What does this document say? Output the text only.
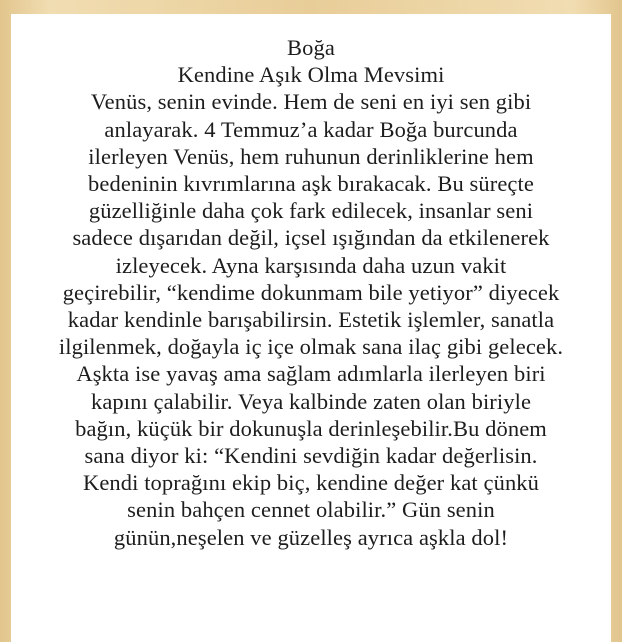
Boğa
Kendine Aşık Olma Mevsimi
Venüs, senin evinde. Hem de seni en iyi sen gibi
anlayarak. 4 Temmuz’a kadar Boğa burcunda
ilerleyen Venüs, hem ruhunun derinliklerine hem
bedeninin kıvrımlarına aşk bırakacak. Bu süreçte
güzelliğinle daha çok fark edilecek, insanlar seni
sadece dışarıdan değil, içsel ışığından da etkilenerek
izleyecek. Ayna karşısında daha uzun vakit
geçirebilir, “kendime dokunmam bile yetiyor” diyecek
kadar kendinle barışabilirsin. Estetik işlemler, sanatla
ilgilenmek, doğayla iç içe olmak sana ilaç gibi gelecek.
Aşkta ise yavaş ama sağlam adımlarla ilerleyen biri
kapını çalabilir. Veya kalbinde zaten olan biriyle
bağın, küçük bir dokunuşla derinleşebilir.Bu dönem
sana diyor ki: “Kendini sevdiğin kadar değerlisin.
Kendi toprağını ekip biç, kendine değer kat çünkü
senin bahçen cennet olabilir.” Gün senin
günün,neşelen ve güzelleş ayrıca aşkla dol!
